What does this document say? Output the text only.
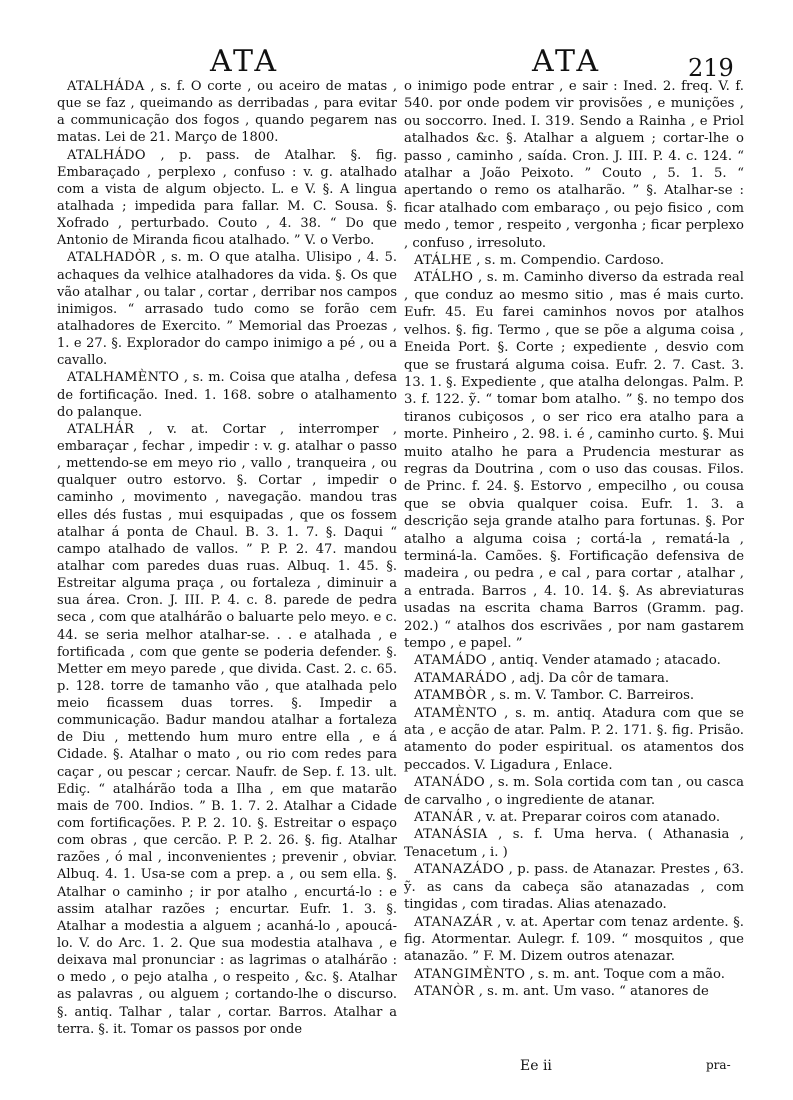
ATA	ATA	219

ATALHÁDA , s. f. O corte , ou aceiro de matas , que se faz , queimando as derribadas , para evitar a communicação dos fogos , quando pegarem nas matas. Lei de 21. Março de 1800.

ATALHÁDO , p. pass. de Atalhar. §. fig. Embaraçado , perplexo , confuso : v. g. atalhado com a vista de algum objecto. L. e V. §. A lingua atalhada ; impedida para fallar. M. C. Sousa. §. Xofrado , perturbado. Couto , 4. 38. “ Do que Antonio de Miranda ficou atalhado. ” V. o Verbo.

ATALHADÒR , s. m. O que atalha. Ulisipo , 4. 5. achaques da velhice atalhadores da vida. §. Os que vão atalhar , ou talar , cortar , derribar nos campos inimigos. “ arrasado tudo como se forão cem atalhadores de Exercito. ” Memorial das Proezas , 1. e 27. §. Explorador do campo inimigo a pé , ou a cavallo.

ATALHAMÈNTO , s. m. Coisa que atalha , defesa de fortificação. Ined. 1. 168. sobre o atalhamento do palanque.

ATALHÁR , v. at. Cortar , interromper , embaraçar , fechar , impedir : v. g. atalhar o passo , mettendo-se em meyo rio , vallo , tranqueira , ou qualquer outro estorvo. §. Cortar , impedir o caminho , movimento , navegação. mandou tras elles dés fustas , mui esquipadas , que os fossem atalhar á ponta de Chaul. B. 3. 1. 7. §. Daqui “ campo atalhado de vallos. ” P. P. 2. 47. mandou atalhar com paredes duas ruas. Albuq. 1. 45. §. Estreitar alguma praça , ou fortaleza , diminuir a sua área. Cron. J. III. P. 4. c. 8. parede de pedra seca , com que atalhárão o baluarte pelo meyo. e c. 44. se seria melhor atalhar-se. . . e atalhada , e fortificada , com que gente se poderia defender. §. Metter em meyo parede , que divida. Cast. 2. c. 65. p. 128. torre de tamanho vão , que atalhada pelo meio ficassem duas torres. §. Impedir a communicação. Badur mandou atalhar a fortaleza de Diu , mettendo hum muro entre ella , e á Cidade. §. Atalhar o mato , ou rio com redes para caçar , ou pescar ; cercar. Naufr. de Sep. f. 13. ult. Ediç. “ atalhárão toda a Ilha , em que matarão mais de 700. Indios. ” B. 1. 7. 2. Atalhar a Cidade com fortificações. P. P. 2. 10. §. Estreitar o espaço com obras , que cercão. P. P. 2. 26. §. fig. Atalhar razões , ó mal , inconvenientes ; prevenir , obviar. Albuq. 4. 1. Usa-se com a prep. a , ou sem ella. §. Atalhar o caminho ; ir por atalho , encurtá-lo : e assim atalhar razões ; encurtar. Eufr. 1. 3. §. Atalhar a modestia a alguem ; acanhá-lo , apoucá-lo. V. do Arc. 1. 2. Que sua modestia atalhava , e deixava mal pronunciar : as lagrimas o atalhárão : o medo , o pejo atalha , o respeito , &c. §. Atalhar as palavras , ou alguem ; cortando-lhe o discurso. §. antiq. Talhar , talar , cortar. Barros. Atalhar a terra. §. it. Tomar os passos por onde

o inimigo pode entrar , e sair : Ined. 2. freq. V. f. 540. por onde podem vir provisões , e munições , ou soccorro. Ined. I. 319. Sendo a Rainha , e Priol atalhados &c. §. Atalhar a alguem ; cortar-lhe o passo , caminho , saída. Cron. J. III. P. 4. c. 124. “ atalhar a João Peixoto. ” Couto , 5. 1. 5. “ apertando o remo os atalharão. ” §. Atalhar-se : ficar atalhado com embaraço , ou pejo fisico , com medo , temor , respeito , vergonha ; ficar perplexo , confuso , irresoluto.

ATÁLHE , s. m. Compendio. Cardoso.

ATÁLHO , s. m. Caminho diverso da estrada real , que conduz ao mesmo sitio , mas é mais curto. Eufr. 45. Eu farei caminhos novos por atalhos velhos. §. fig. Termo , que se põe a alguma coisa , Eneida Port. §. Corte ; expediente , desvio com que se frustará alguma coisa. Eufr. 2. 7. Cast. 3. 13. 1. §. Expediente , que atalha delongas. Palm. P. 3. f. 122. ỹ. “ tomar bom atalho. ” §. no tempo dos tiranos cubiçosos , o ser rico era atalho para a morte. Pinheiro , 2. 98. i. é , caminho curto. §. Mui muito atalho he para a Prudencia mesturar as regras da Doutrina , com o uso das cousas. Filos. de Princ. f. 24. §. Estorvo , empecilho , ou cousa que se obvia qualquer coisa. Eufr. 1. 3. a descrição seja grande atalho para fortunas. §. Por atalho a alguma coisa ; cortá-la , rematá-la , terminá-la. Camões. §. Fortificação defensiva de madeira , ou pedra , e cal , para cortar , atalhar , a entrada. Barros , 4. 10. 14. §. As abreviaturas usadas na escrita chama Barros (Gramm. pag. 202.) “ atalhos dos escrivães , por nam gastarem tempo , e papel. ”

ATAMÁDO , antiq. Vender atamado ; atacado.

ATAMARÁDO , adj. Da côr de tamara.

ATAMBÒR , s. m. V. Tambor. C. Barreiros.

ATAMÈNTO , s. m. antiq. Atadura com que se ata , e acção de atar. Palm. P. 2. 171. §. fig. Prisão. atamento do poder espiritual. os atamentos dos peccados. V. Ligadura , Enlace.

ATANÁDO , s. m. Sola cortida com tan , ou casca de carvalho , o ingrediente de atanar.

ATANÁR , v. at. Preparar coiros com atanado.

ATANÁSIA , s. f. Uma herva. ( Athanasia , Tenacetum , i. )

ATANAZÁDO , p. pass. de Atanazar. Prestes , 63. ỹ. as cans da cabeça são atanazadas , com tingidas , com tiradas. Alias atenazado.

ATANAZÁR , v. at. Apertar com tenaz ardente. §. fig. Atormentar. Aulegr. f. 109. “ mosquitos , que atanazão. ” F. M. Dizem outros atenazar.

ATANGIMÈNTO , s. m. ant. Toque com a mão.

ATANÒR , s. m. ant. Um vaso. “ atanores de

Ee ii	pra-
